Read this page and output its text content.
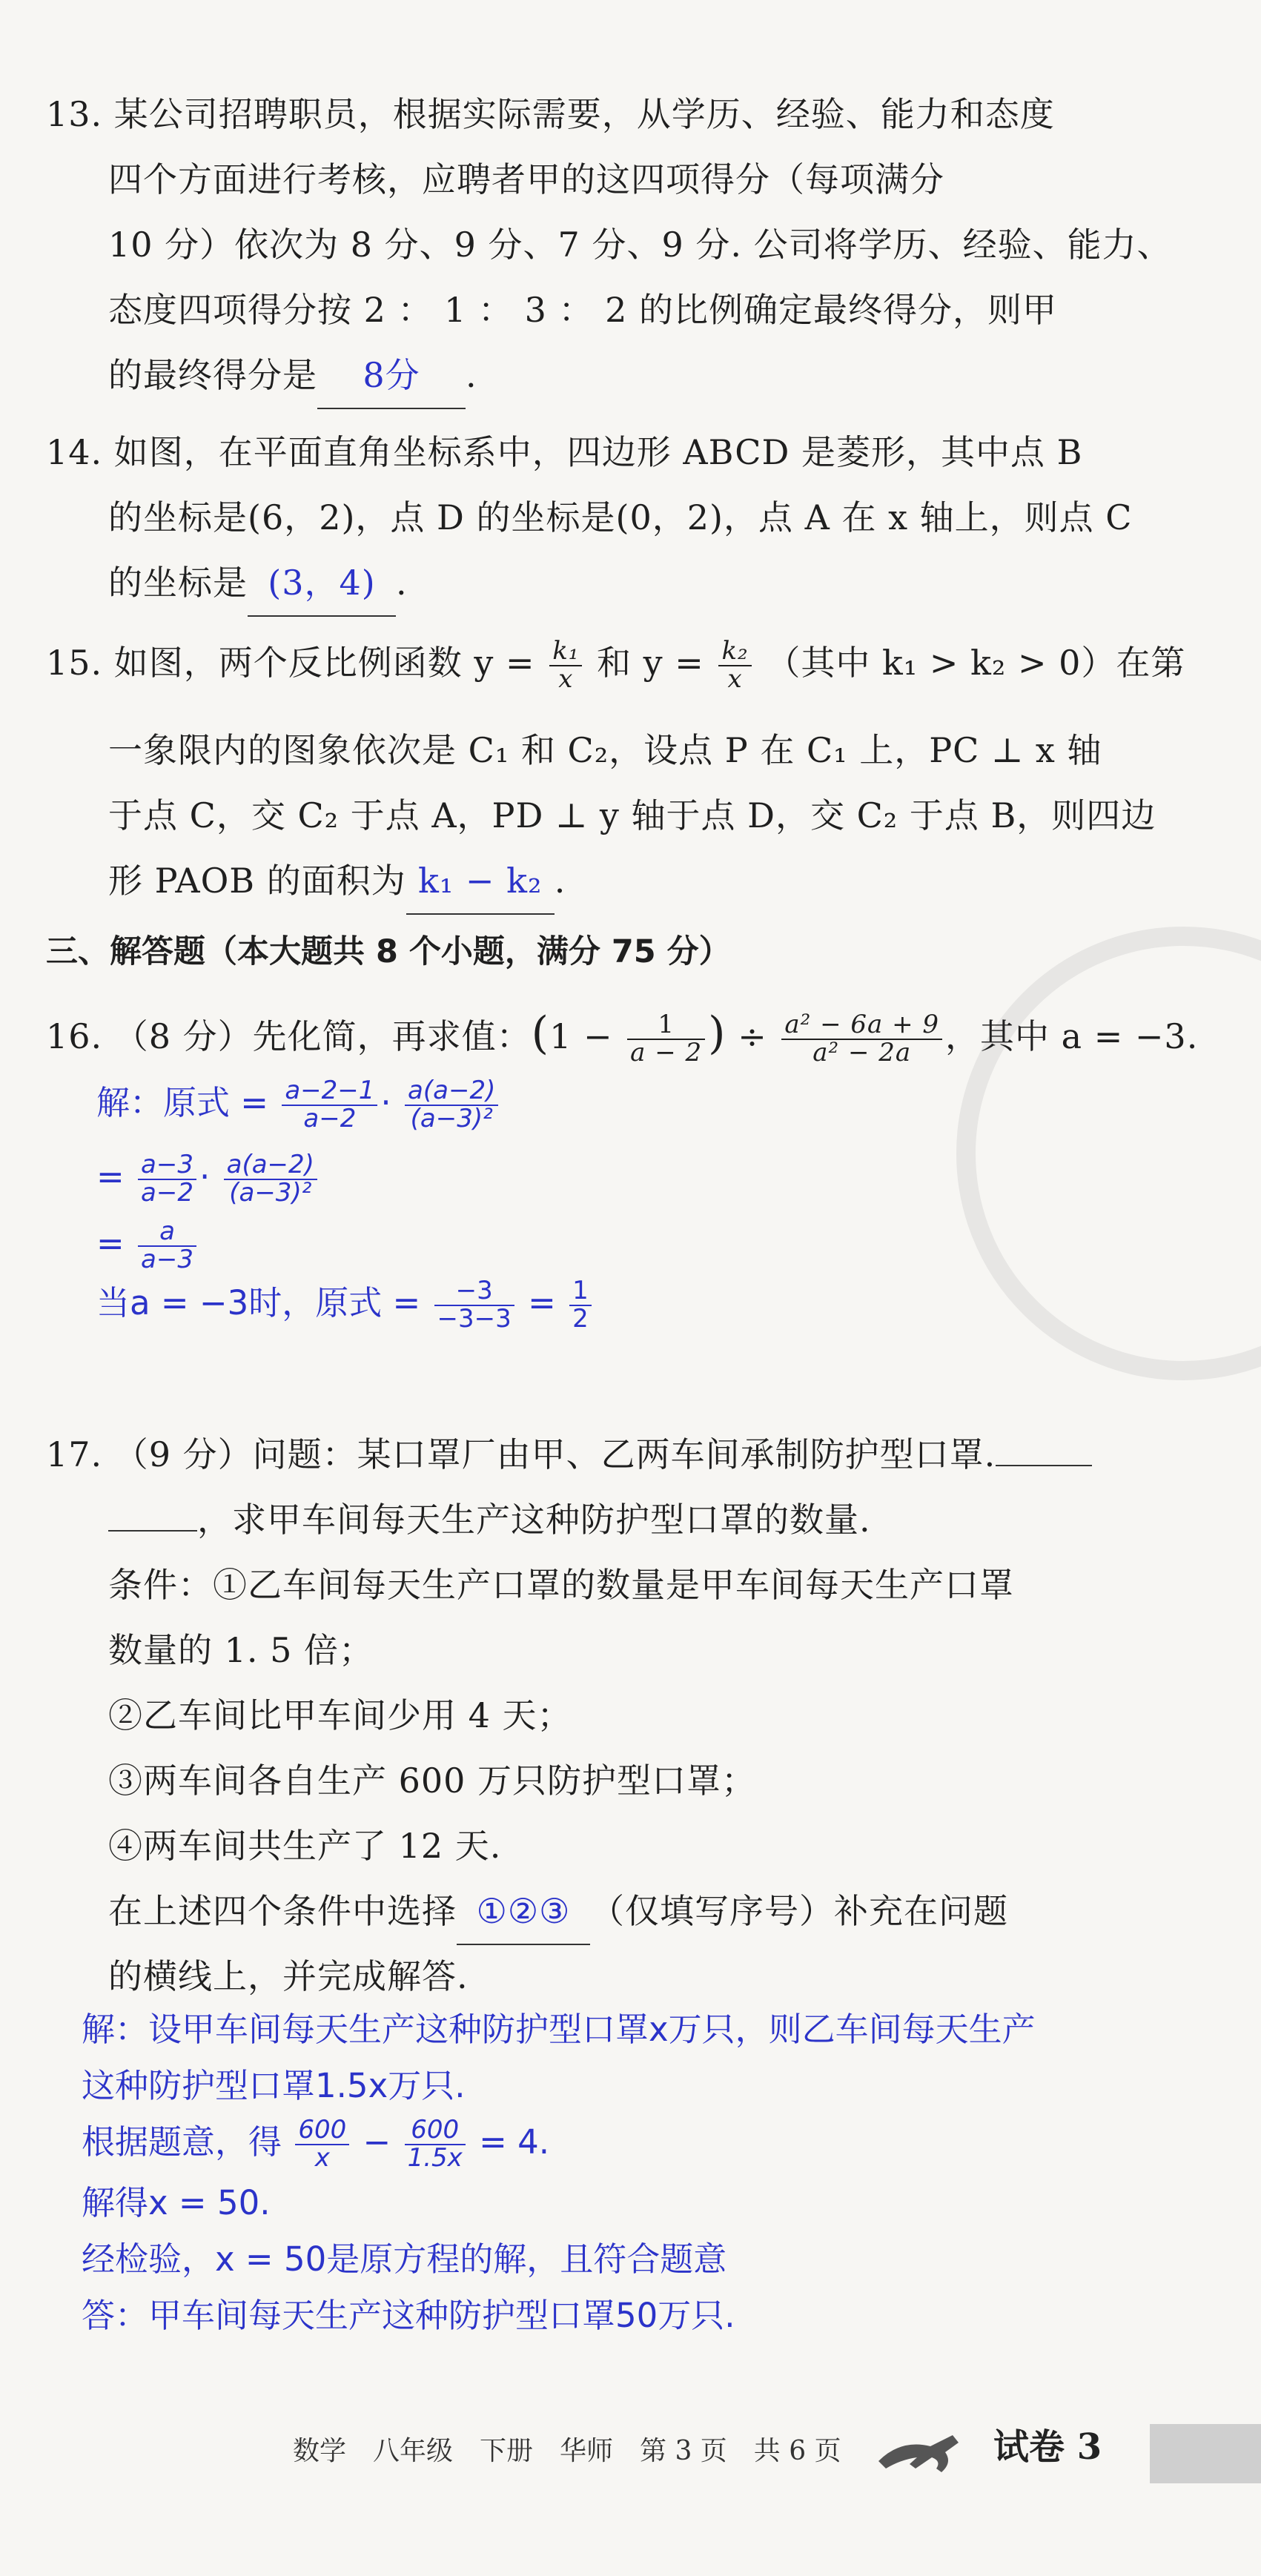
13. 某公司招聘职员，根据实际需要，从学历、经验、能力和态度
四个方面进行考核，应聘者甲的这四项得分（每项满分
10 分）依次为 8 分、9 分、7 分、9 分. 公司将学历、经验、能力、
态度四项得分按 2 ： 1 ： 3 ： 2 的比例确定最终得分，则甲
的最终得分是 8分 .
14. 如图，在平面直角坐标系中，四边形 ABCD 是菱形，其中点 B
的坐标是(6，2)，点 D 的坐标是(0，2)，点 A 在 x 轴上，则点 C
的坐标是 (3，4) .
15. 如图，两个反比例函数 $y = \frac{\text{k₁}}{x}$ 和 $y = \frac{\text{k₂}}{x}$ （其中 k₁ > k₂ > 0）在第
一象限内的图象依次是 C₁ 和 C₂，设点 P 在 C₁ 上，PC ⊥ x 轴
于点 C，交 C₂ 于点 A，PD ⊥ y 轴于点 D，交 C₂ 于点 B，则四边
形 PAOB 的面积为 k₁ − k₂ .
三、解答题（本大题共 8 个小题，满分 75 分）
16. （8 分）先化简，再求值：($1 - \frac{1}{a - 2}$ ) ÷ $\frac{\text{a² − 6a + 9}}{\text{a² − 2a}}$ ，其中 a = −3.
解：原式 = $\frac{a-2-1}{a-2} \cdot \frac{a(a-2)}{\text{(a−3)²}}$
= $\frac{a-3}{a-2} \cdot \frac{a(a-2)}{\text{(a−3)²}}$
= $\frac{a}{a-3}$
当a = −3时，原式 = $\frac{-3}{-3-3} = \frac{1}{2}$
17. （9 分）问题：某口罩厂由甲、乙两车间承制防护型口罩.
，求甲车间每天生产这种防护型口罩的数量.
条件：①乙车间每天生产口罩的数量是甲车间每天生产口罩
数量的 1. 5 倍；
②乙车间比甲车间少用 4 天；
③两车间各自生产 600 万只防护型口罩；
④两车间共生产了 12 天.
在上述四个条件中选择 ①②③ （仅填写序号）补充在问题
的横线上，并完成解答.
解：设甲车间每天生产这种防护型口罩x万只，则乙车间每天生产
这种防护型口罩1.5x万只.
根据题意，得 $\frac{600}{x} - \frac{600}{1.5x} = 4$.
解得x = 50.
经检验，x = 50是原方程的解，且符合题意
答：甲车间每天生产这种防护型口罩50万只.
数学　八年级　下册　华师　第 3 页　共 6 页	试卷 3
